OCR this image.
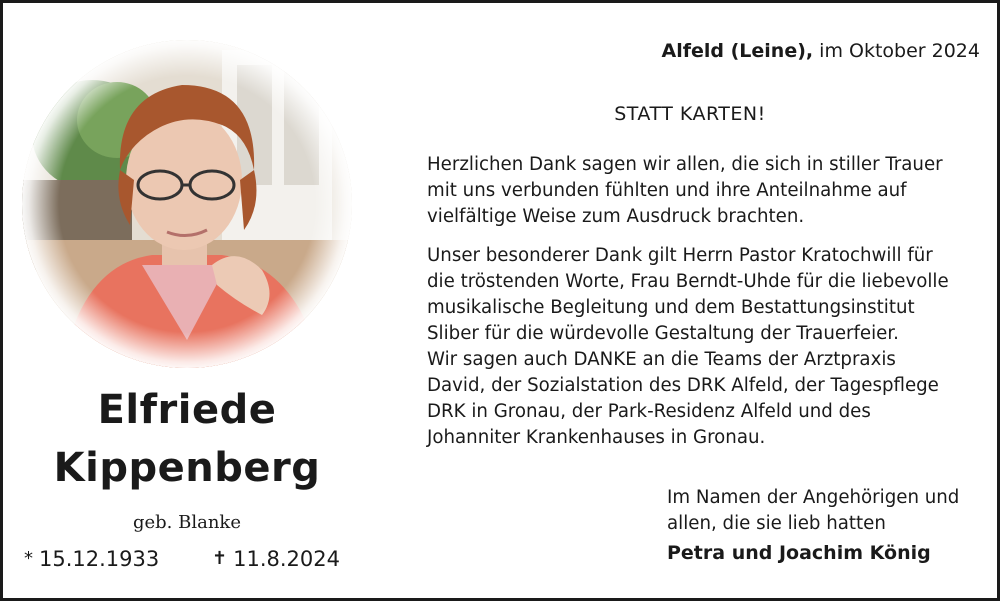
Elfriede
Kippenberg
geb. Blanke
* 15.12.1933	✝ 11.8.2024
Alfeld (Leine), im Oktober 2024
STATT KARTEN!
Herzlichen Dank sagen wir allen, die sich in stiller Trauer
mit uns verbunden fühlten und ihre Anteilnahme auf
vielfältige Weise zum Ausdruck brachten.
Unser besonderer Dank gilt Herrn Pastor Kratochwill für
die tröstenden Worte, Frau Berndt-Uhde für die liebevolle
musikalische Begleitung und dem Bestattungsinstitut
Sliber für die würdevolle Gestaltung der Trauerfeier.
Wir sagen auch DANKE an die Teams der Arztpraxis
David, der Sozialstation des DRK Alfeld, der Tagespflege
DRK in Gronau, der Park-Residenz Alfeld und des
Johanniter Krankenhauses in Gronau.
Im Namen der Angehörigen und
allen, die sie lieb hatten
Petra und Joachim König
